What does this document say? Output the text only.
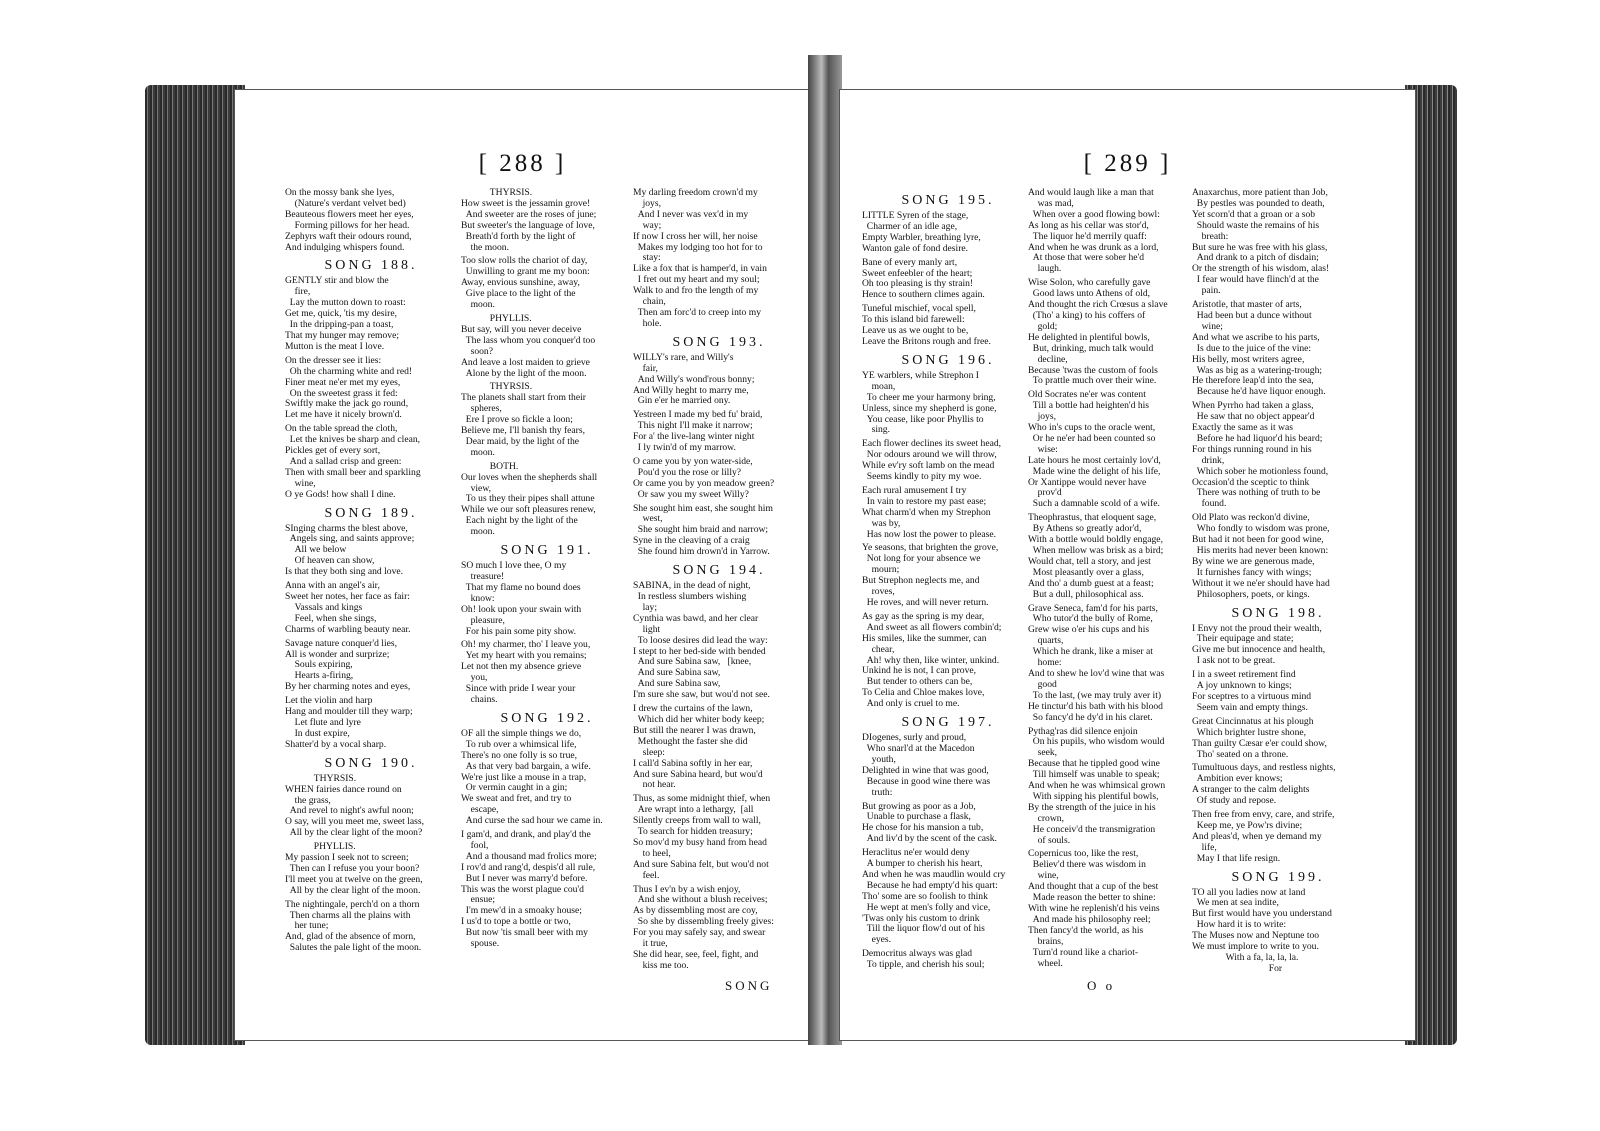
[ 288 ]
On the mossy bank she lyes,
(Nature's verdant velvet bed)
Beauteous flowers meet her eyes,
Forming pillows for her head.
Zephyrs waft their odours round,
And indulging whispers found.
SONG 188.
GENTLY stir and blow the
fire,
Lay the mutton down to roast:
Get me, quick, 'tis my desire,
In the dripping-pan a toast,
That my hunger may remove;
Mutton is the meat I love.
On the dresser see it lies:
Oh the charming white and red!
Finer meat ne'er met my eyes,
On the sweetest grass it fed:
Swiftly make the jack go round,
Let me have it nicely brown'd.
On the table spread the cloth,
Let the knives be sharp and clean,
Pickles get of every sort,
And a sallad crisp and green:
Then with small beer and sparkling
wine,
O ye Gods! how shall I dine.
SONG 189.
SInging charms the blest above,
Angels sing, and saints approve;
All we below
Of heaven can show,
Is that they both sing and love.
Anna with an angel's air,
Sweet her notes, her face as fair:
Vassals and kings
Feel, when she sings,
Charms of warbling beauty near.
Savage nature conquer'd lies,
All is wonder and surprize;
Souls expiring,
Hearts a-firing,
By her charming notes and eyes,
Let the violin and harp
Hang and moulder till they warp;
Let flute and lyre
In dust expire,
Shatter'd by a vocal sharp.
SONG 190.
THYRSIS.
WHEN fairies dance round on
the grass,
And revel to night's awful noon;
O say, will you meet me, sweet lass,
All by the clear light of the moon?
PHYLLIS.
My passion I seek not to screen;
Then can I refuse you your boon?
I'll meet you at twelve on the green,
All by the clear light of the moon.
The nightingale, perch'd on a thorn
Then charms all the plains with
her tune;
And, glad of the absence of morn,
Salutes the pale light of the moon.
THYRSIS.
How sweet is the jessamin grove!
And sweeter are the roses of june;
But sweeter's the language of love,
Breath'd forth by the light of
the moon.
Too slow rolls the chariot of day,
Unwilling to grant me my boon:
Away, envious sunshine, away,
Give place to the light of the
moon.
PHYLLIS.
But say, will you never deceive
The lass whom you conquer'd too
soon?
And leave a lost maiden to grieve
Alone by the light of the moon.
THYRSIS.
The planets shall start from their
spheres,
Ere I prove so fickle a loon;
Believe me, I'll banish thy fears,
Dear maid, by the light of the
moon.
BOTH.
Our loves when the shepherds shall
view,
To us they their pipes shall attune
While we our soft pleasures renew,
Each night by the light of the
moon.
SONG 191.
SO much I love thee, O my
treasure!
That my flame no bound does
know:
Oh! look upon your swain with
pleasure,
For his pain some pity show.
Oh! my charmer, tho' I leave you,
Yet my heart with you remains;
Let not then my absence grieve
you,
Since with pride I wear your
chains.
SONG 192.
OF all the simple things we do,
To rub over a whimsical life,
There's no one folly is so true,
As that very bad bargain, a wife.
We're just like a mouse in a trap,
Or vermin caught in a gin;
We sweat and fret, and try to
escape,
And curse the sad hour we came in.
I gam'd, and drank, and play'd the
fool,
And a thousand mad frolics more;
I rov'd and rang'd, despis'd all rule,
But I never was marry'd before.
This was the worst plague cou'd
ensue;
I'm mew'd in a smoaky house;
I us'd to tope a bottle or two,
But now 'tis small beer with my
spouse.
My darling freedom crown'd my
joys,
And I never was vex'd in my
way;
If now I cross her will, her noise
Makes my lodging too hot for to
stay:
Like a fox that is hamper'd, in vain
I fret out my heart and my soul;
Walk to and fro the length of my
chain,
Then am forc'd to creep into my
hole.
SONG 193.
WILLY's rare, and Willy's
fair,
And Willy's wond'rous bonny;
And Willy heght to marry me,
Gin e'er he married ony.
Yestreen I made my bed fu' braid,
This night I'll make it narrow;
For a' the live-lang winter night
I ly twin'd of my marrow.
O came you by yon water-side,
Pou'd you the rose or lilly?
Or came you by yon meadow green?
Or saw you my sweet Willy?
She sought him east, she sought him
west,
She sought him braid and narrow;
Syne in the cleaving of a craig
She found him drown'd in Yarrow.
SONG 194.
SABINA, in the dead of night,
In restless slumbers wishing
lay;
Cynthia was bawd, and her clear
light
To loose desires did lead the way:
I stept to her bed-side with bended
And sure Sabina saw,   [knee,
And sure Sabina saw,
And sure Sabina saw,
I'm sure she saw, but wou'd not see.
I drew the curtains of the lawn,
Which did her whiter body keep;
But still the nearer I was drawn,
Methought the faster she did
sleep:
I call'd Sabina softly in her ear,
And sure Sabina heard, but wou'd
not hear.
Thus, as some midnight thief, when
Are wrapt into a lethargy,  [all
Silently creeps from wall to wall,
To search for hidden treasury;
So mov'd my busy hand from head
to heel,
And sure Sabina felt, but wou'd not
feel.
Thus I ev'n by a wish enjoy,
And she without a blush receives;
As by dissembling most are coy,
So she by dissembling freely gives:
For you may safely say, and swear
it true,
She did hear, see, feel, fight, and
kiss me too.
SONG
[ 289 ]
SONG 195.
LITTLE Syren of the stage,
Charmer of an idle age,
Empty Warbler, breathing lyre,
Wanton gale of fond desire.
Bane of every manly art,
Sweet enfeebler of the heart;
Oh too pleasing is thy strain!
Hence to southern climes again.
Tuneful mischief, vocal spell,
To this island bid farewell:
Leave us as we ought to be,
Leave the Britons rough and free.
SONG 196.
YE warblers, while Strephon I
moan,
To cheer me your harmony bring,
Unless, since my shepherd is gone,
You cease, like poor Phyllis to
sing.
Each flower declines its sweet head,
Nor odours around we will throw,
While ev'ry soft lamb on the mead
Seems kindly to pity my woe.
Each rural amusement I try
In vain to restore my past ease;
What charm'd when my Strephon
was by,
Has now lost the power to please.
Ye seasons, that brighten the grove,
Not long for your absence we
mourn;
But Strephon neglects me, and
roves,
He roves, and will never return.
As gay as the spring is my dear,
And sweet as all flowers combin'd;
His smiles, like the summer, can
chear,
Ah! why then, like winter, unkind.
Unkind he is not, I can prove,
But tender to others can be,
To Celia and Chloe makes love,
And only is cruel to me.
SONG 197.
DIogenes, surly and proud,
Who snarl'd at the Macedon
youth,
Delighted in wine that was good,
Because in good wine there was
truth:
But growing as poor as a Job,
Unable to purchase a flask,
He chose for his mansion a tub,
And liv'd by the scent of the cask.
Heraclitus ne'er would deny
A bumper to cherish his heart,
And when he was maudlin would cry
Because he had empty'd his quart:
Tho' some are so foolish to think
He wept at men's folly and vice,
'Twas only his custom to drink
Till the liquor flow'd out of his
eyes.
Democritus always was glad
To tipple, and cherish his soul;
And would laugh like a man that
was mad,
When over a good flowing bowl:
As long as his cellar was stor'd,
The liquor he'd merrily quaff:
And when he was drunk as a lord,
At those that were sober he'd
laugh.
Wise Solon, who carefully gave
Good laws unto Athens of old,
And thought the rich Crœsus a slave
(Tho' a king) to his coffers of
gold;
He delighted in plentiful bowls,
But, drinking, much talk would
decline,
Because 'twas the custom of fools
To prattle much over their wine.
Old Socrates ne'er was content
Till a bottle had heighten'd his
joys,
Who in's cups to the oracle went,
Or he ne'er had been counted so
wise:
Late hours he most certainly lov'd,
Made wine the delight of his life,
Or Xantippe would never have
prov'd
Such a damnable scold of a wife.
Theophrastus, that eloquent sage,
By Athens so greatly ador'd,
With a bottle would boldly engage,
When mellow was brisk as a bird;
Would chat, tell a story, and jest
Most pleasantly over a glass,
And tho' a dumb guest at a feast;
But a dull, philosophical ass.
Grave Seneca, fam'd for his parts,
Who tutor'd the bully of Rome,
Grew wise o'er his cups and his
quarts,
Which he drank, like a miser at
home:
And to shew he lov'd wine that was
good
To the last, (we may truly aver it)
He tinctur'd his bath with his blood
So fancy'd he dy'd in his claret.
Pythag'ras did silence enjoin
On his pupils, who wisdom would
seek,
Because that he tippled good wine
Till himself was unable to speak;
And when he was whimsical grown
With sipping his plentiful bowls,
By the strength of the juice in his
crown,
He conceiv'd the transmigration
of souls.
Copernicus too, like the rest,
Believ'd there was wisdom in
wine,
And thought that a cup of the best
Made reason the better to shine:
With wine he replenish'd his veins
And made his philosophy reel;
Then fancy'd the world, as his
brains,
Turn'd round like a chariot-
wheel.
Anaxarchus, more patient than Job,
By pestles was pounded to death,
Yet scorn'd that a groan or a sob
Should waste the remains of his
breath:
But sure he was free with his glass,
And drank to a pitch of disdain;
Or the strength of his wisdom, alas!
I fear would have flinch'd at the
pain.
Aristotle, that master of arts,
Had been but a dunce without
wine;
And what we ascribe to his parts,
Is due to the juice of the vine:
His belly, most writers agree,
Was as big as a watering-trough;
He therefore leap'd into the sea,
Because he'd have liquor enough.
When Pyrrho had taken a glass,
He saw that no object appear'd
Exactly the same as it was
Before he had liquor'd his beard;
For things running round in his
drink,
Which sober he motionless found,
Occasion'd the sceptic to think
There was nothing of truth to be
found.
Old Plato was reckon'd divine,
Who fondly to wisdom was prone,
But had it not been for good wine,
His merits had never been known:
By wine we are generous made,
It furnishes fancy with wings;
Without it we ne'er should have had
Philosophers, poets, or kings.
SONG 198.
I Envy not the proud their wealth,
Their equipage and state;
Give me but innocence and health,
I ask not to be great.
I in a sweet retirement find
A joy unknown to kings;
For sceptres to a virtuous mind
Seem vain and empty things.
Great Cincinnatus at his plough
Which brighter lustre shone,
Than guilty Cæsar e'er could show,
Tho' seated on a throne.
Tumultuous days, and restless nights,
Ambition ever knows;
A stranger to the calm delights
Of study and repose.
Then free from envy, care, and strife,
Keep me, ye Pow'rs divine;
And pleas'd, when ye demand my
life,
May I that life resign.
SONG 199.
TO all you ladies now at land
We men at sea indite,
But first would have you understand
How hard it is to write:
The Muses now and Neptune too
We must implore to write to you.
With a fa, la, la, la.
For
O o
